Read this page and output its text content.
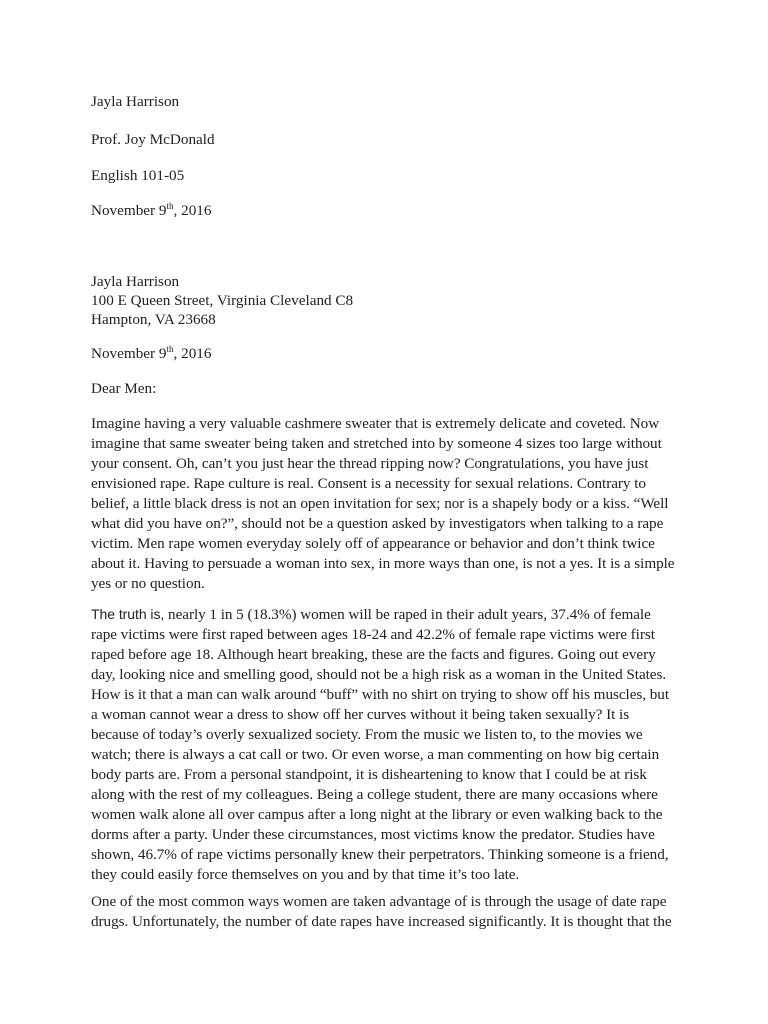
Jayla Harrison

Prof. Joy McDonald

English 101-05

November 9th, 2016

Jayla Harrison

100 E Queen Street, Virginia Cleveland C8

Hampton, VA 23668

November 9th, 2016

Dear Men:

Imagine having a very valuable cashmere sweater that is extremely delicate and coveted. Now
imagine that same sweater being taken and stretched into by someone 4 sizes too large without
your consent. Oh, can’t you just hear the thread ripping now? Congratulations, you have just
envisioned rape. Rape culture is real. Consent is a necessity for sexual relations. Contrary to
belief, a little black dress is not an open invitation for sex; nor is a shapely body or a kiss. “Well
what did you have on?”, should not be a question asked by investigators when talking to a rape
victim. Men rape women everyday solely off of appearance or behavior and don’t think twice
about it. Having to persuade a woman into sex, in more ways than one, is not a yes. It is a simple
yes or no question.
The truth is, nearly 1 in 5 (18.3%) women will be raped in their adult years, 37.4% of female
rape victims were first raped between ages 18-24 and 42.2% of female rape victims were first
raped before age 18. Although heart breaking, these are the facts and figures. Going out every
day, looking nice and smelling good, should not be a high risk as a woman in the United States.
How is it that a man can walk around “buff” with no shirt on trying to show off his muscles, but
a woman cannot wear a dress to show off her curves without it being taken sexually? It is
because of today’s overly sexualized society. From the music we listen to, to the movies we
watch; there is always a cat call or two. Or even worse, a man commenting on how big certain
body parts are. From a personal standpoint, it is disheartening to know that I could be at risk
along with the rest of my colleagues. Being a college student, there are many occasions where
women walk alone all over campus after a long night at the library or even walking back to the
dorms after a party. Under these circumstances, most victims know the predator. Studies have
shown, 46.7% of rape victims personally knew their perpetrators. Thinking someone is a friend,
they could easily force themselves on you and by that time it’s too late.
One of the most common ways women are taken advantage of is through the usage of date rape
drugs. Unfortunately, the number of date rapes have increased significantly. It is thought that the
